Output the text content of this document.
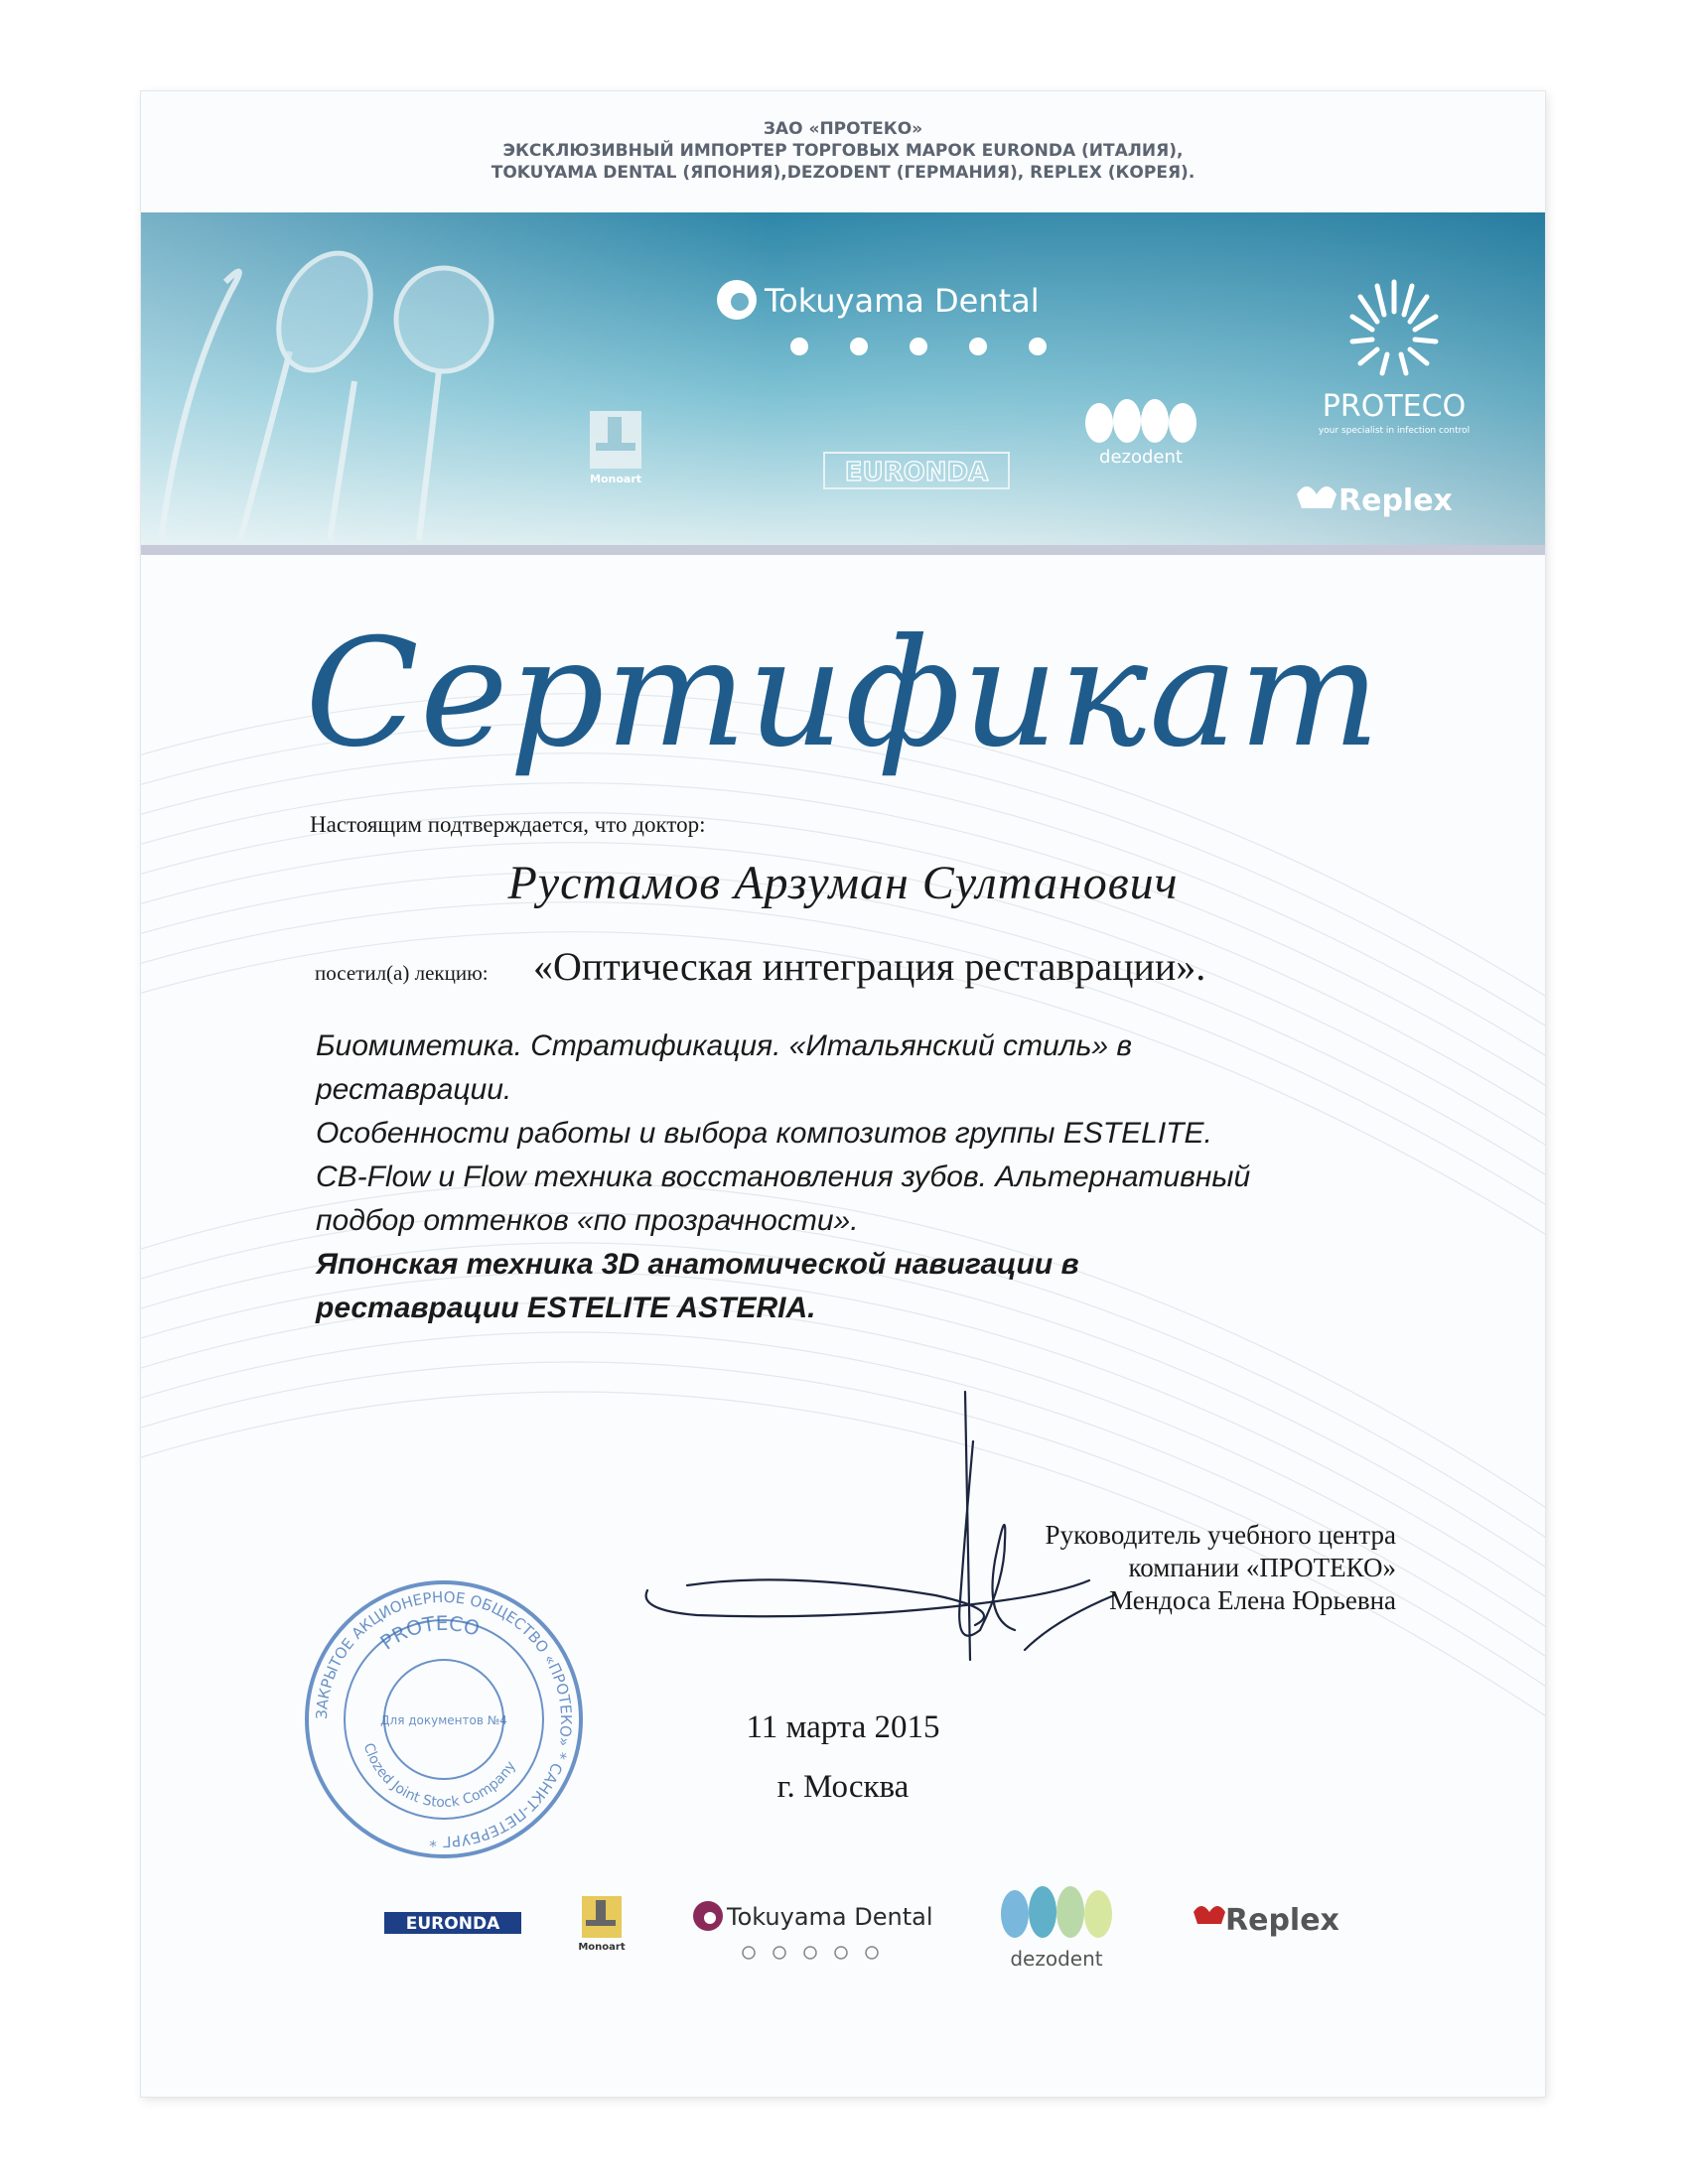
ЗАО «ПРОТЕКО»
ЭКСКЛЮЗИВНЫЙ ИМПОРТЕР ТОРГОВЫХ МАРОК EURONDA (ИТАЛИЯ),
TOKUYAMA DENTAL (ЯПОНИЯ),DEZODENT (ГЕРМАНИЯ), REPLEX (КОРЕЯ).
Tokuyama Dental
PROTECO
your specialist in infection control
Monoart	EURONDA
dezodent
Replex
Сертификат
Настоящим подтверждается, что доктор:
Рустамов Арзуман Султанович
посетил(а) лекцию: «Оптическая интеграция реставрации».
Биомиметика. Стратификация. «Итальянский стиль» в
реставрации.
Особенности работы и выбора композитов группы ESTELITE.
CB-Flow и Flow техника восстановления зубов. Альтернативный
подбор оттенков «по прозрачности».
Японская техника 3D анатомической навигации в
реставрации ESTELITE ASTERIA.
Руководитель учебного центра
компании «ПРОТЕКО»
Мендоса Елена Юрьевна
ЗАКРЫТОЕ АКЦИОНЕРНОЕ ОБЩЕСТВО «ПРОТЕКО» * САНКТ-ПЕТЕРБУРГ *
PROTECO
Clozed Joint Stock Company
Для документов №4	11 марта 2015
г. Москва
EURONDA
Monoart
Tokuyama Dental
dezodent
Replex
